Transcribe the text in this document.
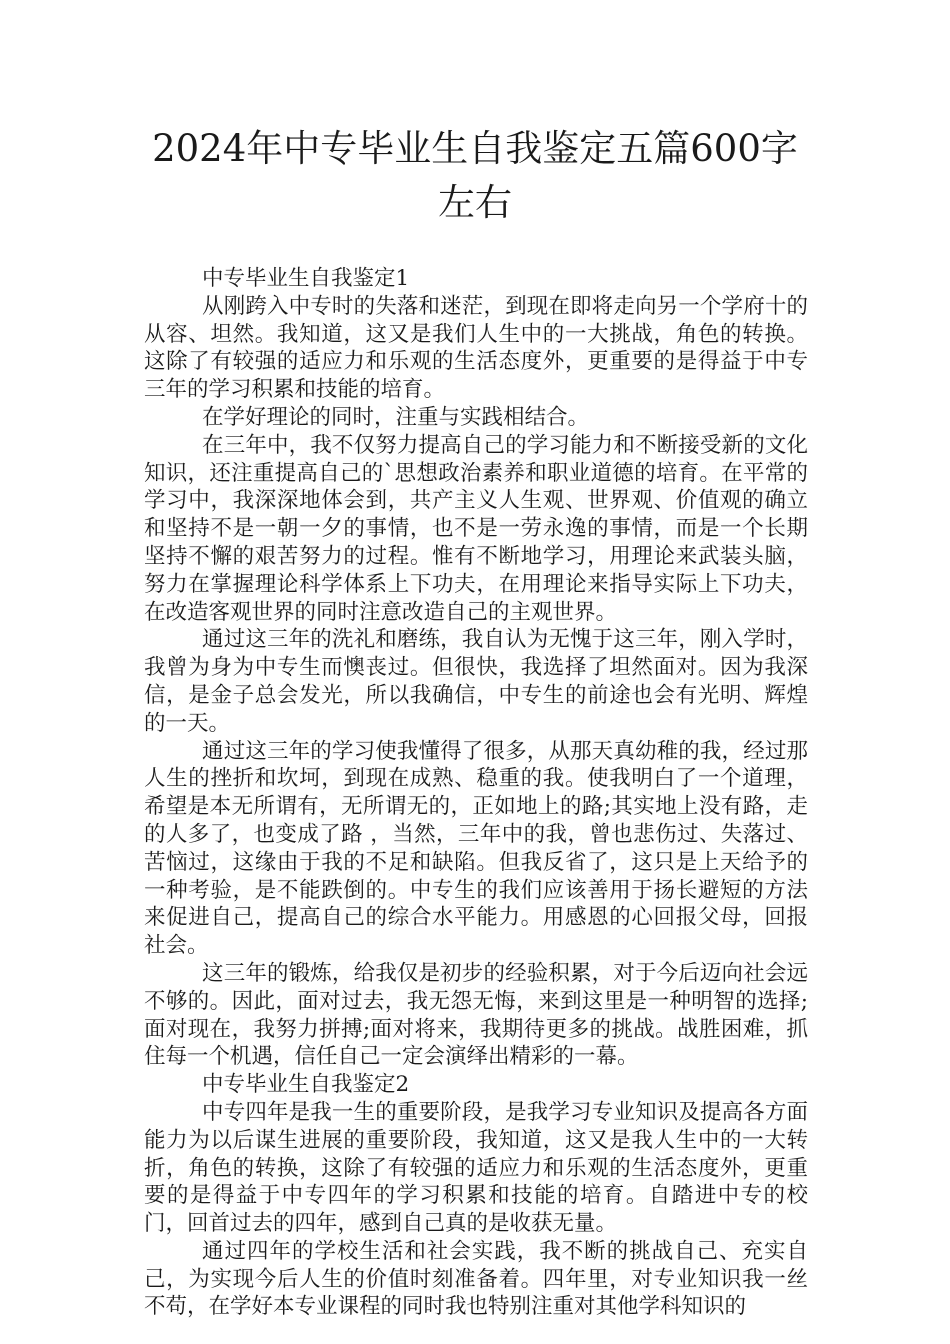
2024年中专毕业生自我鉴定五篇600字左右

中专毕业生自我鉴定1

从刚跨入中专时的失落和迷茫，到现在即将走向另一个学府十的从容、坦然。我知道，这又是我们人生中的一大挑战，角色的转换。这除了有较强的适应力和乐观的生活态度外，更重要的是得益于中专三年的学习积累和技能的培育。

在学好理论的同时，注重与实践相结合。

在三年中，我不仅努力提高自己的学习能力和不断接受新的文化知识，还注重提高自己的`思想政治素养和职业道德的培育。在平常的学习中，我深深地体会到，共产主义人生观、世界观、价值观的确立和坚持不是一朝一夕的事情，也不是一劳永逸的事情，而是一个长期坚持不懈的艰苦努力的过程。惟有不断地学习，用理论来武装头脑，努力在掌握理论科学体系上下功夫，在用理论来指导实际上下功夫，在改造客观世界的同时注意改造自己的主观世界。

通过这三年的洗礼和磨练，我自认为无愧于这三年，刚入学时，我曾为身为中专生而懊丧过。但很快，我选择了坦然面对。因为我深信，是金子总会发光，所以我确信，中专生的前途也会有光明、辉煌的一天。

通过这三年的学习使我懂得了很多，从那天真幼稚的我，经过那人生的挫折和坎坷，到现在成熟、稳重的我。使我明白了一个道理， 希望是本无所谓有，无所谓无的，正如地上的路;其实地上没有路，走的人多了，也变成了路 ，当然，三年中的我，曾也悲伤过、失落过、苦恼过，这缘由于我的不足和缺陷。但我反省了，这只是上天给予的一种考验，是不能跌倒的。中专生的我们应该善用于扬长避短的方法来促进自己，提高自己的综合水平能力。用感恩的心回报父母，回报社会。

这三年的锻炼，给我仅是初步的经验积累，对于今后迈向社会远不够的。因此，面对过去，我无怨无悔，来到这里是一种明智的选择;面对现在，我努力拼搏;面对将来，我期待更多的挑战。战胜困难，抓住每一个机遇，信任自己一定会演绎出精彩的一幕。

中专毕业生自我鉴定2

中专四年是我一生的重要阶段，是我学习专业知识及提高各方面能力为以后谋生进展的重要阶段，我知道，这又是我人生中的一大转折，角色的转换，这除了有较强的适应力和乐观的生活态度外，更重要的是得益于中专四年的学习积累和技能的培育。自踏进中专的校门，回首过去的四年，感到自己真的是收获无量。

通过四年的学校生活和社会实践，我不断的挑战自己、充实自己，为实现今后人生的价值时刻准备着。四年里，对专业知识我一丝不苟，在学好本专业课程的同时我也特别注重对其他学科知识的
